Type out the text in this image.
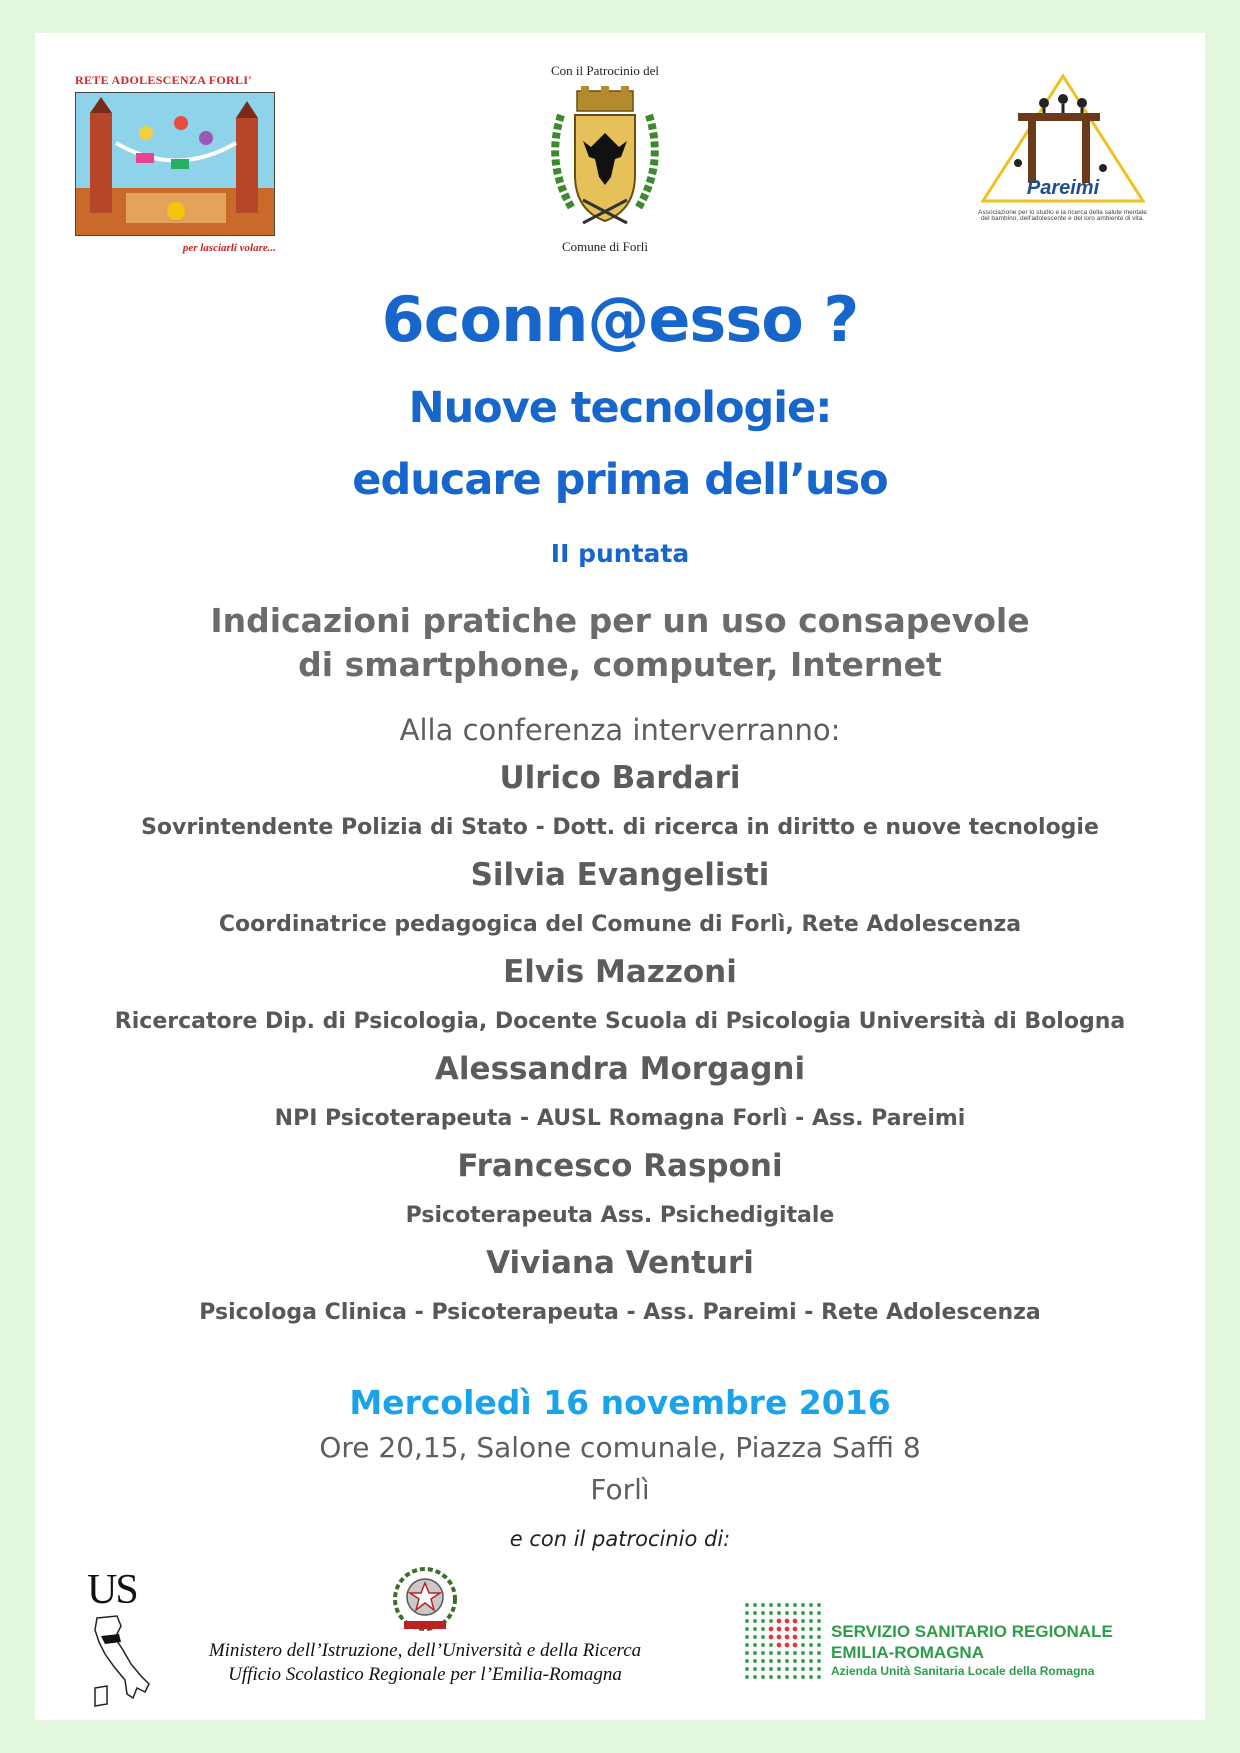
RETE ADOLESCENZA FORLI'
per lasciarli volare...
Con il Patrocinio del
Comune di Forlì
Pareimi
Associazione per lo studio e la ricerca della salute mentale
del bambino, dell'adolescente e del loro ambiente di vita.
6conn@esso ?
Nuove tecnologie:
educare prima dell’uso
II puntata
Indicazioni pratiche per un uso consapevole
di smartphone, computer, Internet
Alla conferenza interverranno:
Ulrico Bardari
Sovrintendente Polizia di Stato - Dott. di ricerca in diritto e nuove tecnologie
Silvia Evangelisti
Coordinatrice pedagogica del Comune di Forlì, Rete Adolescenza
Elvis Mazzoni
Ricercatore Dip. di Psicologia, Docente Scuola di Psicologia Università di Bologna
Alessandra Morgagni
NPI Psicoterapeuta - AUSL Romagna Forlì - Ass. Pareimi
Francesco Rasponi
Psicoterapeuta Ass. Psichedigitale
Viviana Venturi
Psicologa Clinica - Psicoterapeuta - Ass. Pareimi - Rete Adolescenza
Mercoledì 16 novembre 2016
Ore 20,15, Salone comunale, Piazza Saffi 8
Forlì
e con il patrocinio di:
US
Ministero dell’Istruzione, dell’Università e della Ricerca
Ufficio Scolastico Regionale per l’Emilia-Romagna
SERVIZIO SANITARIO REGIONALE
EMILIA-ROMAGNA
Azienda Unità Sanitaria Locale della Romagna
